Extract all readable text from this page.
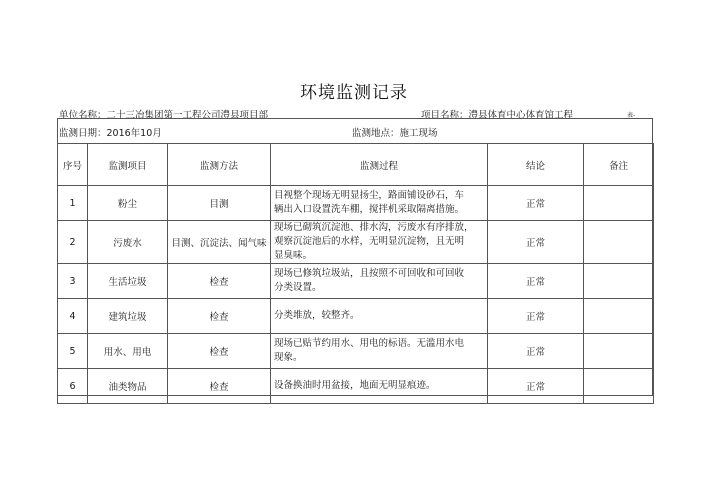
环境监测记录
单位名称：二十三冶集团第一工程公司澧县项目部	项目名称：澧县体育中心体育馆工程	表-
监测日期：2016年10月	监测地点：施工现场
序号	监测项目	监测方法	监测过程	结论	备注
1	粉尘	目测	目视整个现场无明显扬尘，路面铺设砂石，车
辆出入口设置洗车棚，搅拌机采取隔离措施。	正常	
2	污废水	目测、沉淀法、闻气味	现场已砌筑沉淀池、排水沟，污废水有序排放，
观察沉淀池后的水样，无明显沉淀物，且无明
显臭味。	正常	
3	生活垃圾	检查	现场已修筑垃圾站，且按照不可回收和可回收
分类设置。	正常	
4	建筑垃圾	检查	分类堆放，较整齐。	正常	
5	用水、用电	检查	现场已贴节约用水、用电的标语。无滥用水电
现象。	正常	
6	油类物品	检查	设备换油时用盆接，地面无明显痕迹。	正常	
